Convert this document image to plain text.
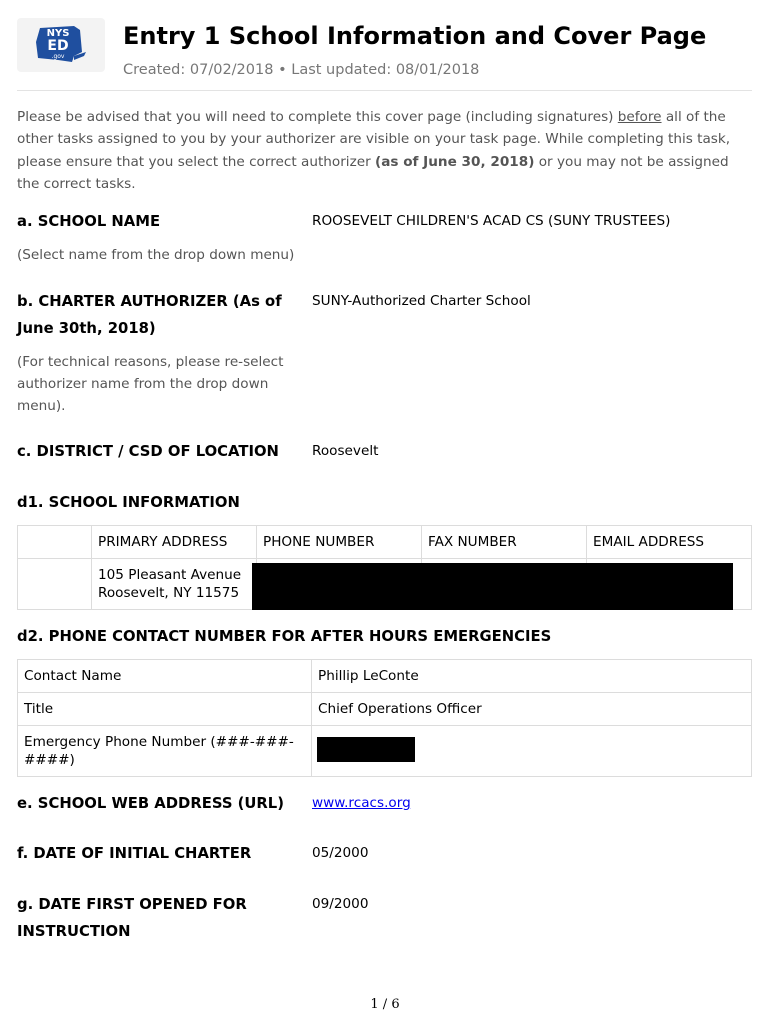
NYS
ED
.gov
Entry 1 School Information and Cover Page
Created: 07/02/2018 • Last updated: 08/01/2018
Please be advised that you will need to complete this cover page (including signatures) before all of the other tasks assigned to you by your authorizer are visible on your task page. While completing this task, please ensure that you select the correct authorizer (as of June 30, 2018) or you may not be assigned the correct tasks.
a. SCHOOL NAME
(Select name from the drop down menu)
ROOSEVELT CHILDREN'S ACAD CS (SUNY TRUSTEES)
b. CHARTER AUTHORIZER (As of June 30th, 2018)
(For technical reasons, please re-select authorizer name from the drop down menu).
SUNY-Authorized Charter School
c. DISTRICT / CSD OF LOCATION Roosevelt
d1. SCHOOL INFORMATION
	PRIMARY ADDRESS	PHONE NUMBER	FAX NUMBER	EMAIL ADDRESS

	105 Pleasant Avenue
Roosevelt, NY 11575			

d2. PHONE CONTACT NUMBER FOR AFTER HOURS EMERGENCIES
Contact Name	Phillip LeConte
Title	Chief Operations Officer
Emergency Phone Number (###-###-####)	
e. SCHOOL WEB ADDRESS (URL) www.rcacs.org
f. DATE OF INITIAL CHARTER	05/2000
g. DATE FIRST OPENED FOR INSTRUCTION
09/2000
1 / 6
